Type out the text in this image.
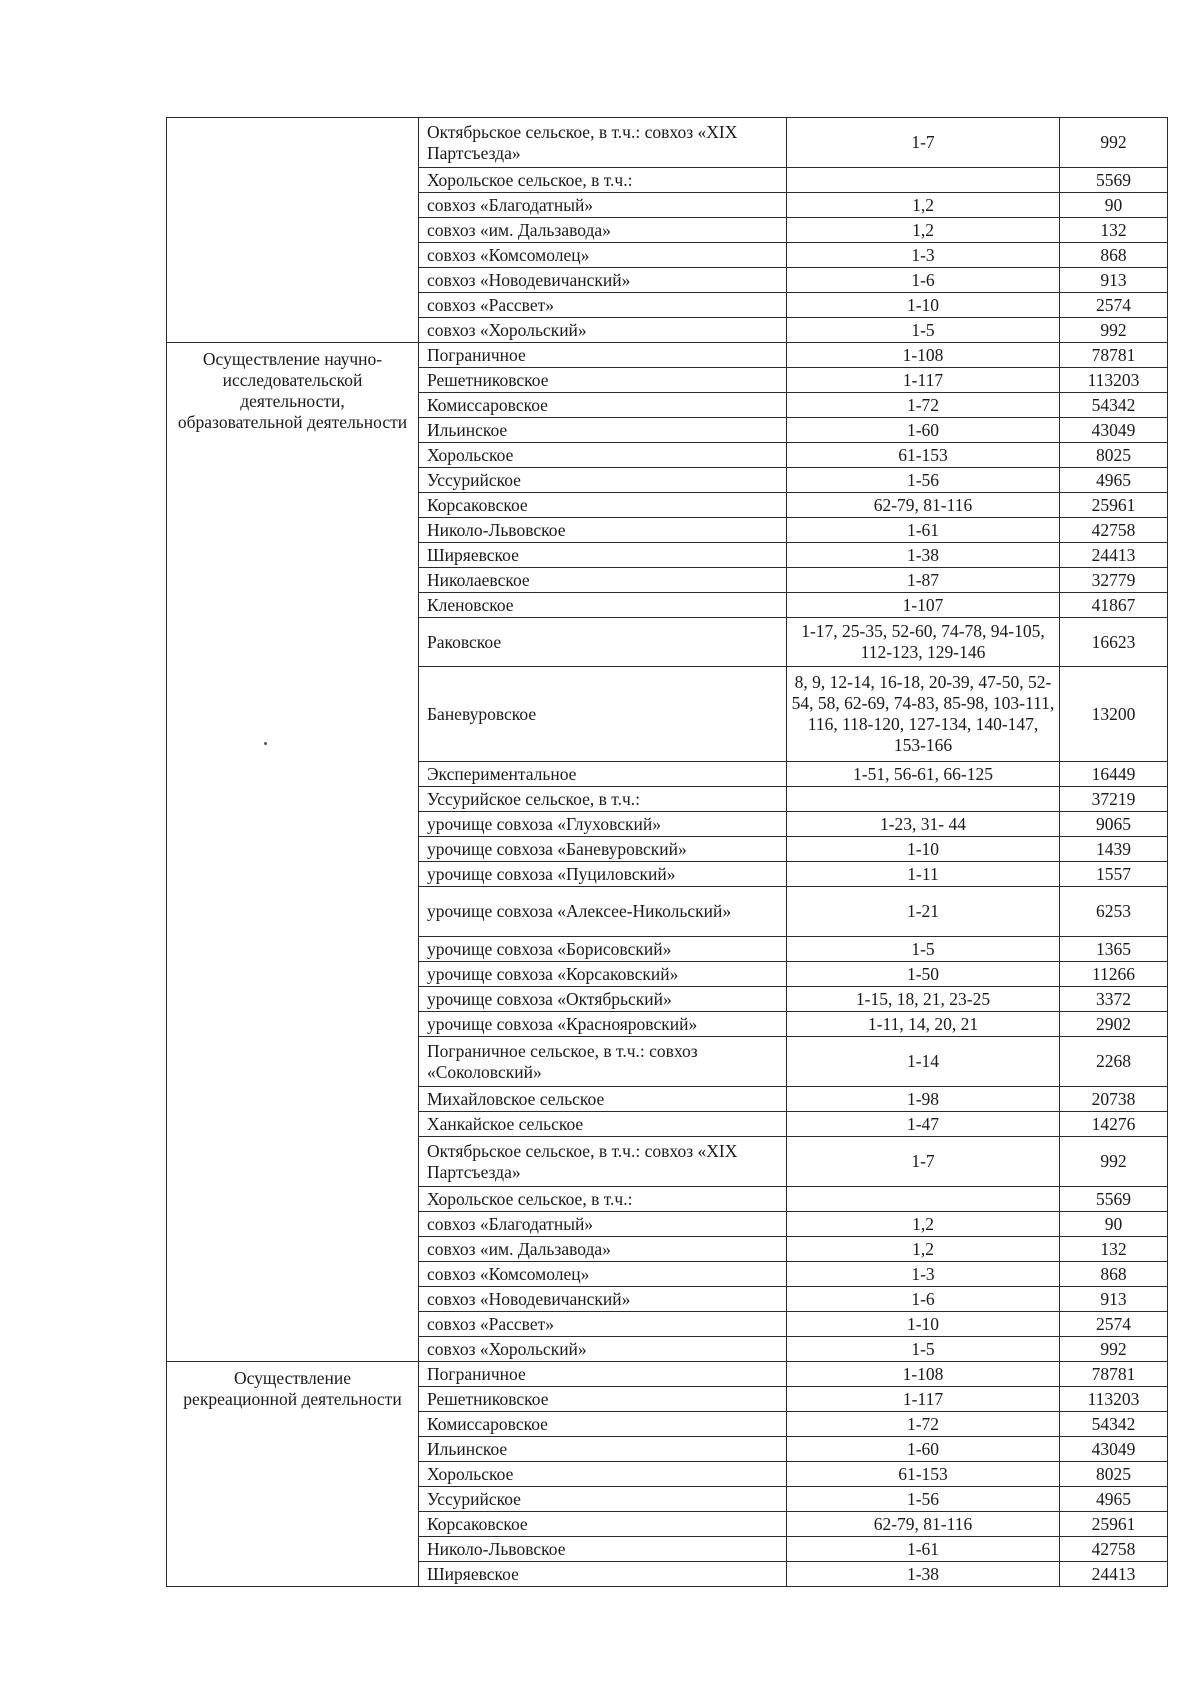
	Октябрьское сельское, в т.ч.: совхоз «XIX Партсъезда»	1-7	992
	Хорольское сельское, в т.ч.:		5569
	совхоз «Благодатный»	1,2	90
	совхоз «им. Дальзавода»	1,2	132
	совхоз «Комсомолец»	1-3	868
	совхоз «Новодевичанский»	1-6	913
	совхоз «Рассвет»	1-10	2574
	совхоз «Хорольский»	1-5	992
Осуществление научно-исследовательской деятельности, образовательной деятельности	Пограничное	1-108	78781
	Решетниковское	1-117	113203
	Комиссаровское	1-72	54342
	Ильинское	1-60	43049
	Хорольское	61-153	8025
	Уссурийское	1-56	4965
	Корсаковское	62-79, 81-116	25961
	Николо-Львовское	1-61	42758
	Ширяевское	1-38	24413
	Николаевское	1-87	32779
	Кленовское	1-107	41867
	Раковское	1-17, 25-35, 52-60, 74-78, 94-105, 112-123, 129-146	16623
	Баневуровское	8, 9, 12-14, 16-18, 20-39, 47-50, 52-54, 58, 62-69, 74-83, 85-98, 103-111, 116, 118-120, 127-134, 140-147, 153-166	13200
	Экспериментальное	1-51, 56-61, 66-125	16449
	Уссурийское сельское, в т.ч.:		37219
	урочище совхоза «Глуховский»	1-23, 31- 44	9065
	урочище совхоза «Баневуровский»	1-10	1439
	урочище совхоза «Пуциловский»	1-11	1557
	урочище совхоза «Алексее-Никольский»	1-21	6253
	урочище совхоза «Борисовский»	1-5	1365
	урочище совхоза «Корсаковский»	1-50	11266
	урочище совхоза «Октябрьский»	1-15, 18, 21, 23-25	3372
	урочище совхоза «Краснояровский»	1-11, 14, 20, 21	2902
	Пограничное сельское, в т.ч.: совхоз «Соколовский»	1-14	2268
	Михайловское сельское	1-98	20738
	Ханкайское сельское	1-47	14276
	Октябрьское сельское, в т.ч.: совхоз «XIX Партсъезда»	1-7	992
	Хорольское сельское, в т.ч.:		5569
	совхоз «Благодатный»	1,2	90
	совхоз «им. Дальзавода»	1,2	132
	совхоз «Комсомолец»	1-3	868
	совхоз «Новодевичанский»	1-6	913
	совхоз «Рассвет»	1-10	2574
	совхоз «Хорольский»	1-5	992
Осуществление рекреационной деятельности	Пограничное	1-108	78781
	Решетниковское	1-117	113203
	Комиссаровское	1-72	54342
	Ильинское	1-60	43049
	Хорольское	61-153	8025
	Уссурийское	1-56	4965
	Корсаковское	62-79, 81-116	25961
	Николо-Львовское	1-61	42758
	Ширяевское	1-38	24413
